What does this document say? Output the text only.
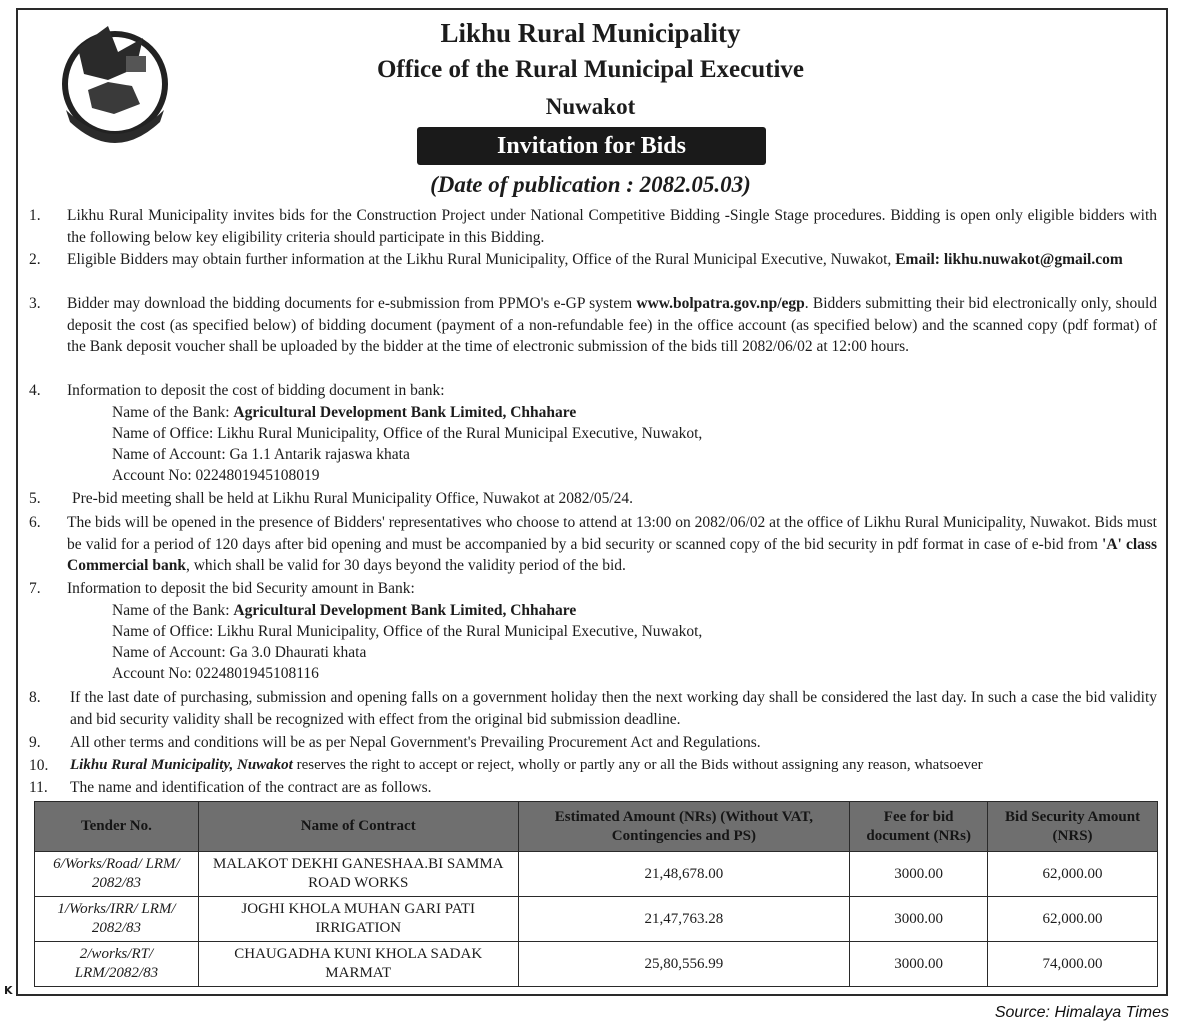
Likhu Rural Municipality
Office of the Rural Municipal Executive
Nuwakot
Invitation for Bids
(Date of publication : 2082.05.03)
1. Likhu Rural Municipality invites bids for the Construction Project under National Competitive Bidding -Single Stage procedures. Bidding is open only eligible bidders with the following below key eligibility criteria should participate in this Bidding.
2. Eligible Bidders may obtain further information at the Likhu Rural Municipality, Office of the Rural Municipal Executive, Nuwakot, Email: likhu.nuwakot@gmail.com
3. Bidder may download the bidding documents for e-submission from PPMO's e-GP system www.bolpatra.gov.np/egp. Bidders submitting their bid electronically only, should deposit the cost (as specified below) of bidding document (payment of a non-refundable fee) in the office account (as specified below) and the scanned copy (pdf format) of the Bank deposit voucher shall be uploaded by the bidder at the time of electronic submission of the bids till 2082/06/02 at 12:00 hours.
4. Information to deposit the cost of bidding document in bank:
Name of the Bank: Agricultural Development Bank Limited, Chhahare
Name of Office: Likhu Rural Municipality, Office of the Rural Municipal Executive, Nuwakot,
Name of Account: Ga 1.1 Antarik rajaswa khata
Account No: 0224801945108019
5. Pre-bid meeting shall be held at Likhu Rural Municipality Office, Nuwakot at 2082/05/24.
6. The bids will be opened in the presence of Bidders' representatives who choose to attend at 13:00 on 2082/06/02 at the office of Likhu Rural Municipality, Nuwakot. Bids must be valid for a period of 120 days after bid opening and must be accompanied by a bid security or scanned copy of the bid security in pdf format in case of e-bid from 'A' class Commercial bank, which shall be valid for 30 days beyond the validity period of the bid.
7. Information to deposit the bid Security amount in Bank:
Name of the Bank: Agricultural Development Bank Limited, Chhahare
Name of Office: Likhu Rural Municipality, Office of the Rural Municipal Executive, Nuwakot,
Name of Account: Ga 3.0 Dhaurati khata
Account No: 0224801945108116
8. If the last date of purchasing, submission and opening falls on a government holiday then the next working day shall be considered the last day. In such a case the bid validity and bid security validity shall be recognized with effect from the original bid submission deadline.
9. All other terms and conditions will be as per Nepal Government's Prevailing Procurement Act and Regulations.
10. Likhu Rural Municipality, Nuwakot reserves the right to accept or reject, wholly or partly any or all the Bids without assigning any reason, whatsoever
11. The name and identification of the contract are as follows.
Tender No.	Name of Contract	Estimated Amount (NRs) (Without VAT, Contingencies and PS)	Fee for bid document (NRs)	Bid Security Amount (NRS)
6/Works/Road/ LRM/ 2082/83	MALAKOT DEKHI GANESHAA.BI SAMMA ROAD WORKS	21,48,678.00	3000.00	62,000.00
1/Works/IRR/ LRM/ 2082/83	JOGHI KHOLA MUHAN GARI PATI IRRIGATION	21,47,763.28	3000.00	62,000.00
2/works/RT/ LRM/2082/83	CHAUGADHA KUNI KHOLA SADAK MARMAT	25,80,556.99	3000.00	74,000.00
K
Source: Himalaya Times
